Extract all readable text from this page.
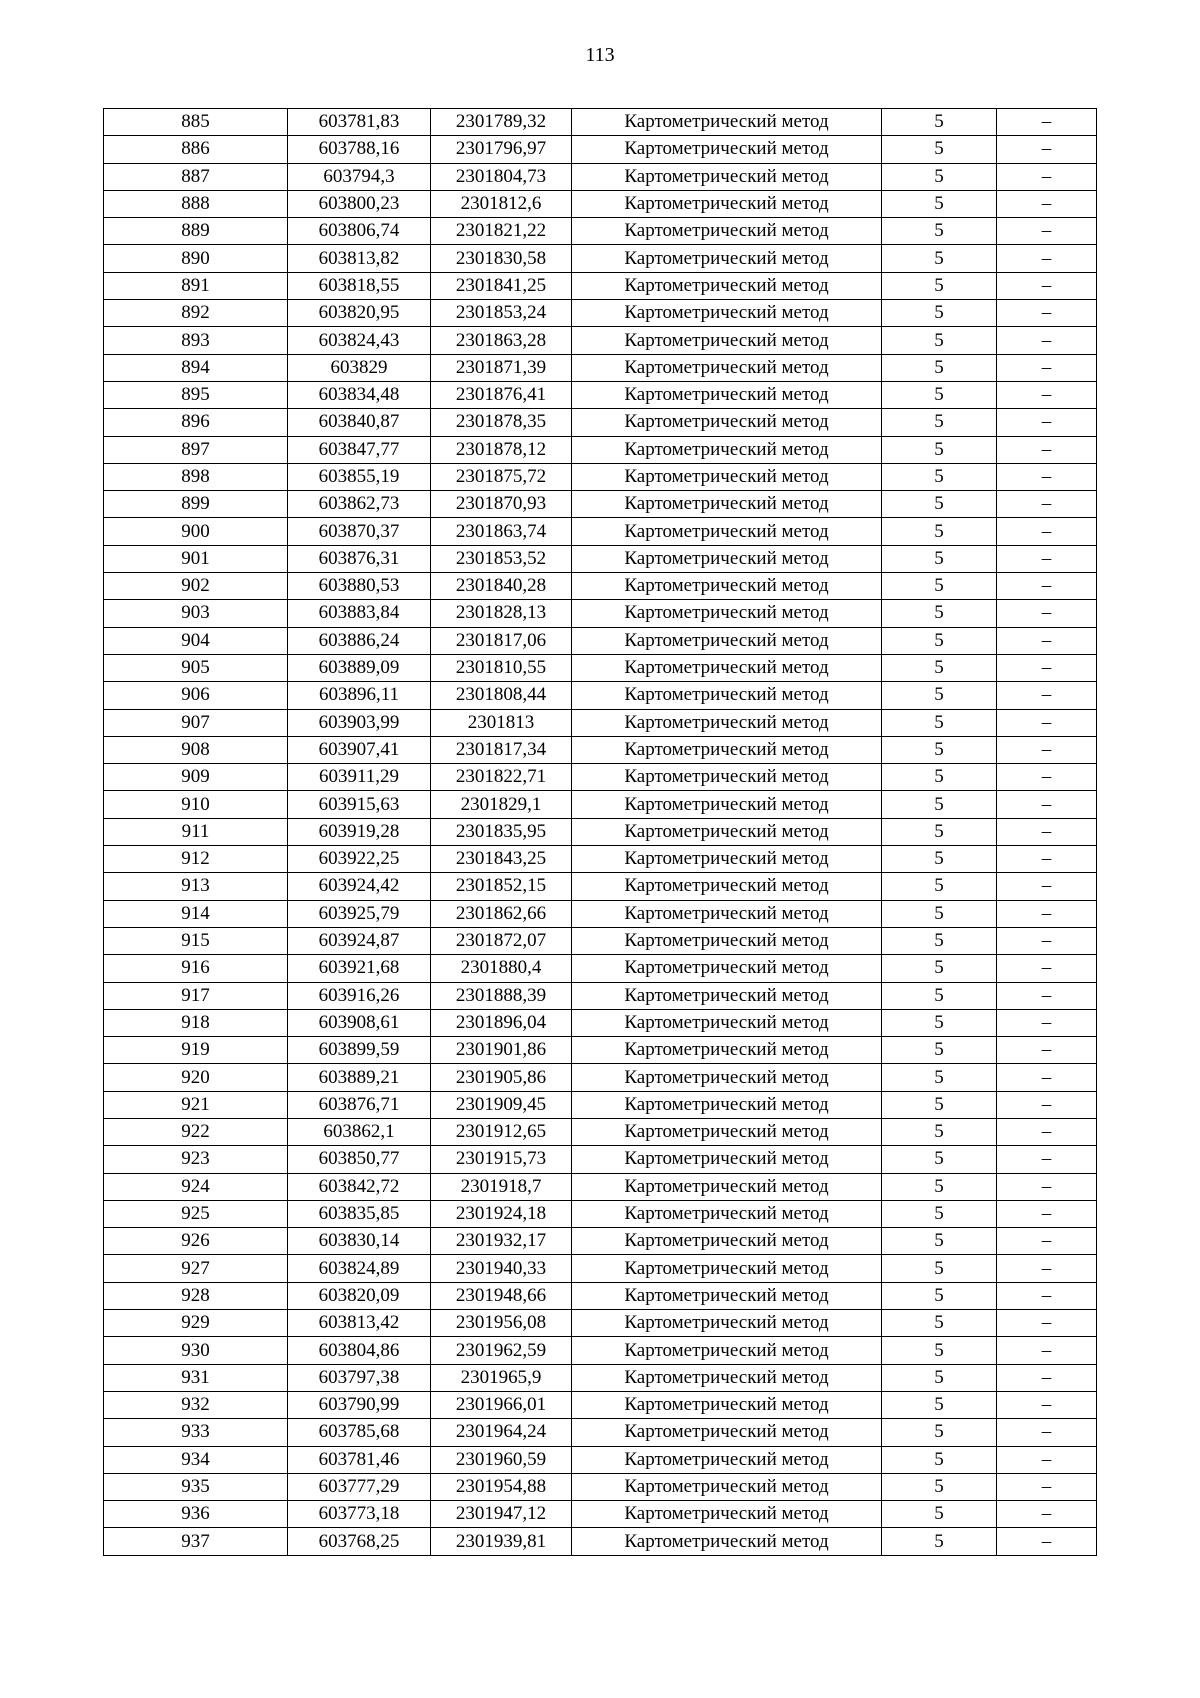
113
885	603781,83	2301789,32	Картометрический метод	5	–
886	603788,16	2301796,97	Картометрический метод	5	–
887	603794,3	2301804,73	Картометрический метод	5	–
888	603800,23	2301812,6	Картометрический метод	5	–
889	603806,74	2301821,22	Картометрический метод	5	–
890	603813,82	2301830,58	Картометрический метод	5	–
891	603818,55	2301841,25	Картометрический метод	5	–
892	603820,95	2301853,24	Картометрический метод	5	–
893	603824,43	2301863,28	Картометрический метод	5	–
894	603829	2301871,39	Картометрический метод	5	–
895	603834,48	2301876,41	Картометрический метод	5	–
896	603840,87	2301878,35	Картометрический метод	5	–
897	603847,77	2301878,12	Картометрический метод	5	–
898	603855,19	2301875,72	Картометрический метод	5	–
899	603862,73	2301870,93	Картометрический метод	5	–
900	603870,37	2301863,74	Картометрический метод	5	–
901	603876,31	2301853,52	Картометрический метод	5	–
902	603880,53	2301840,28	Картометрический метод	5	–
903	603883,84	2301828,13	Картометрический метод	5	–
904	603886,24	2301817,06	Картометрический метод	5	–
905	603889,09	2301810,55	Картометрический метод	5	–
906	603896,11	2301808,44	Картометрический метод	5	–
907	603903,99	2301813	Картометрический метод	5	–
908	603907,41	2301817,34	Картометрический метод	5	–
909	603911,29	2301822,71	Картометрический метод	5	–
910	603915,63	2301829,1	Картометрический метод	5	–
911	603919,28	2301835,95	Картометрический метод	5	–
912	603922,25	2301843,25	Картометрический метод	5	–
913	603924,42	2301852,15	Картометрический метод	5	–
914	603925,79	2301862,66	Картометрический метод	5	–
915	603924,87	2301872,07	Картометрический метод	5	–
916	603921,68	2301880,4	Картометрический метод	5	–
917	603916,26	2301888,39	Картометрический метод	5	–
918	603908,61	2301896,04	Картометрический метод	5	–
919	603899,59	2301901,86	Картометрический метод	5	–
920	603889,21	2301905,86	Картометрический метод	5	–
921	603876,71	2301909,45	Картометрический метод	5	–
922	603862,1	2301912,65	Картометрический метод	5	–
923	603850,77	2301915,73	Картометрический метод	5	–
924	603842,72	2301918,7	Картометрический метод	5	–
925	603835,85	2301924,18	Картометрический метод	5	–
926	603830,14	2301932,17	Картометрический метод	5	–
927	603824,89	2301940,33	Картометрический метод	5	–
928	603820,09	2301948,66	Картометрический метод	5	–
929	603813,42	2301956,08	Картометрический метод	5	–
930	603804,86	2301962,59	Картометрический метод	5	–
931	603797,38	2301965,9	Картометрический метод	5	–
932	603790,99	2301966,01	Картометрический метод	5	–
933	603785,68	2301964,24	Картометрический метод	5	–
934	603781,46	2301960,59	Картометрический метод	5	–
935	603777,29	2301954,88	Картометрический метод	5	–
936	603773,18	2301947,12	Картометрический метод	5	–
937	603768,25	2301939,81	Картометрический метод	5	–
